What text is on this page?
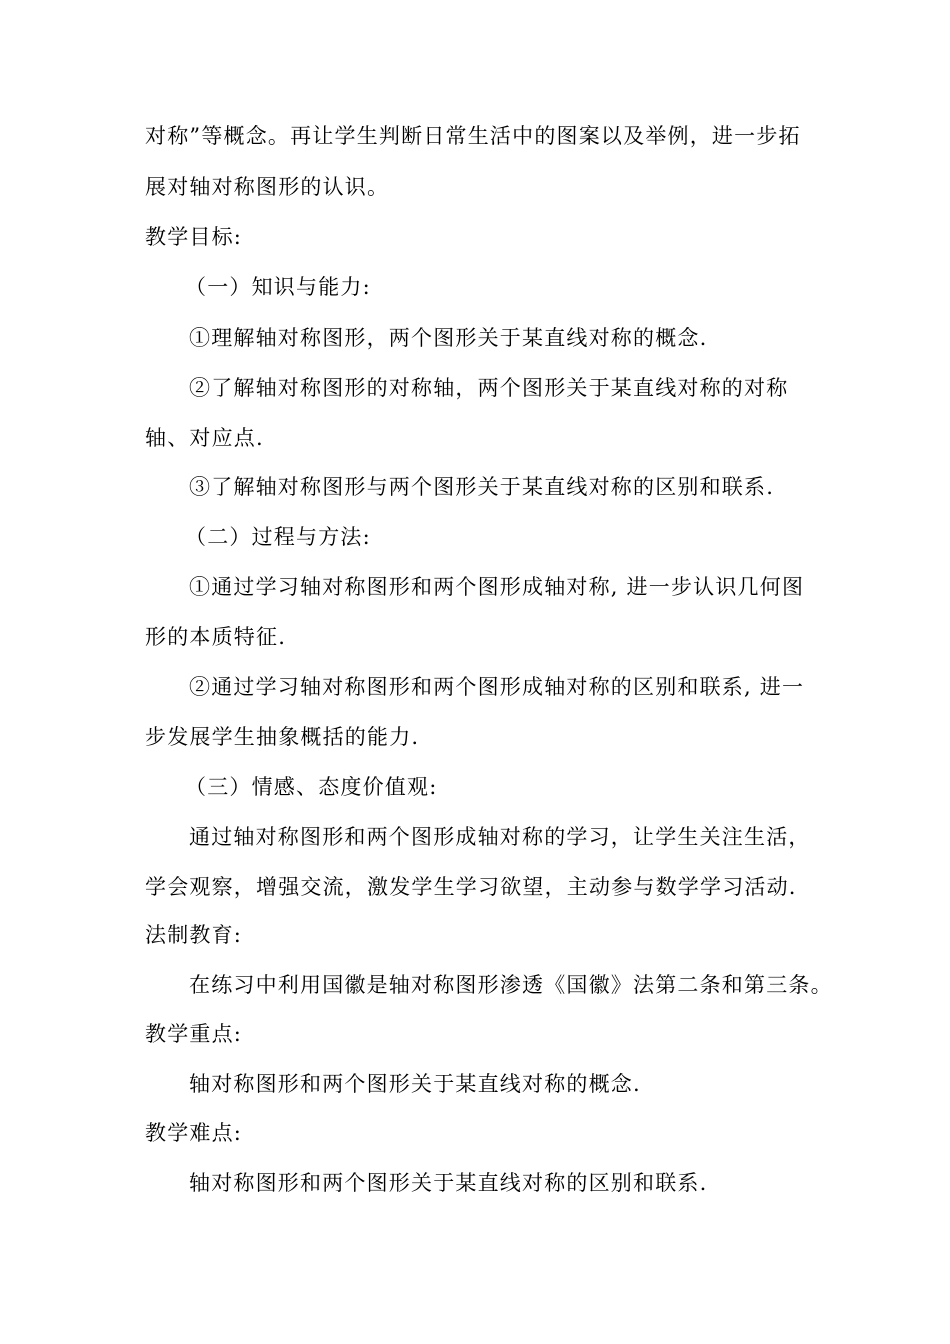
对称”等概念。再让学生判断日常生活中的图案以及举例，进一步拓
展对轴对称图形的认识。
教学目标:
（一）知识与能力:
①理解轴对称图形，两个图形关于某直线对称的概念.
②了解轴对称图形的对称轴，两个图形关于某直线对称的对称
轴、对应点.
③了解轴对称图形与两个图形关于某直线对称的区别和联系.
（二）过程与方法:
①通过学习轴对称图形和两个图形成轴对称, 进一步认识几何图
形的本质特征.
②通过学习轴对称图形和两个图形成轴对称的区别和联系, 进一
步发展学生抽象概括的能力.
（三）情感、态度价值观:
通过轴对称图形和两个图形成轴对称的学习，让学生关注生活，
学会观察，增强交流，激发学生学习欲望，主动参与数学学习活动.
法制教育:
在练习中利用国徽是轴对称图形渗透《国徽》法第二条和第三条。
教学重点:
轴对称图形和两个图形关于某直线对称的概念.
教学难点:
轴对称图形和两个图形关于某直线对称的区别和联系.
